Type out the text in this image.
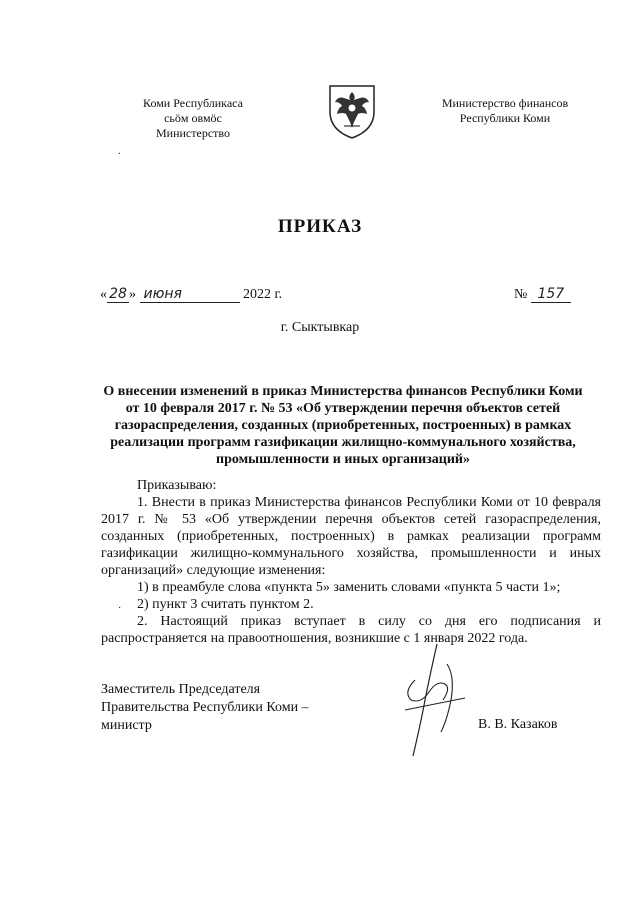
Коми Республикаса
сьӧм овмӧс
Министерство
.
Министерство финансов
Республики Коми
ПРИКАЗ
« 28 » июня	2022 г.	№ 157
г. Сыктывкар
О внесении изменений в приказ Министерства финансов Республики Коми от 10 февраля 2017 г. № 53 «Об утверждении перечня объектов сетей газораспределения, созданных (приобретенных, построенных) в рамках реализации программ газификации жилищно-коммунального хозяйства, промышленности и иных организаций»

Приказываю:

1. Внести в приказ Министерства финансов Республики Коми от 10 февраля 2017 г. № 53 «Об утверждении перечня объектов сетей газораспределения, созданных (приобретенных, построенных) в рамках реализации программ газификации жилищно-коммунального хозяйства, промышленности и иных организаций» следующие изменения:

1) в преамбуле слова «пункта 5» заменить словами «пункта 5 части 1»;

2) пункт 3 считать пунктом 2.

2. Настоящий приказ вступает в силу со дня его подписания и распространяется на правоотношения, возникшие с 1 января 2022 года.

·
Заместитель Председателя
Правительства Республики Коми –
министр	В. В. Казаков
